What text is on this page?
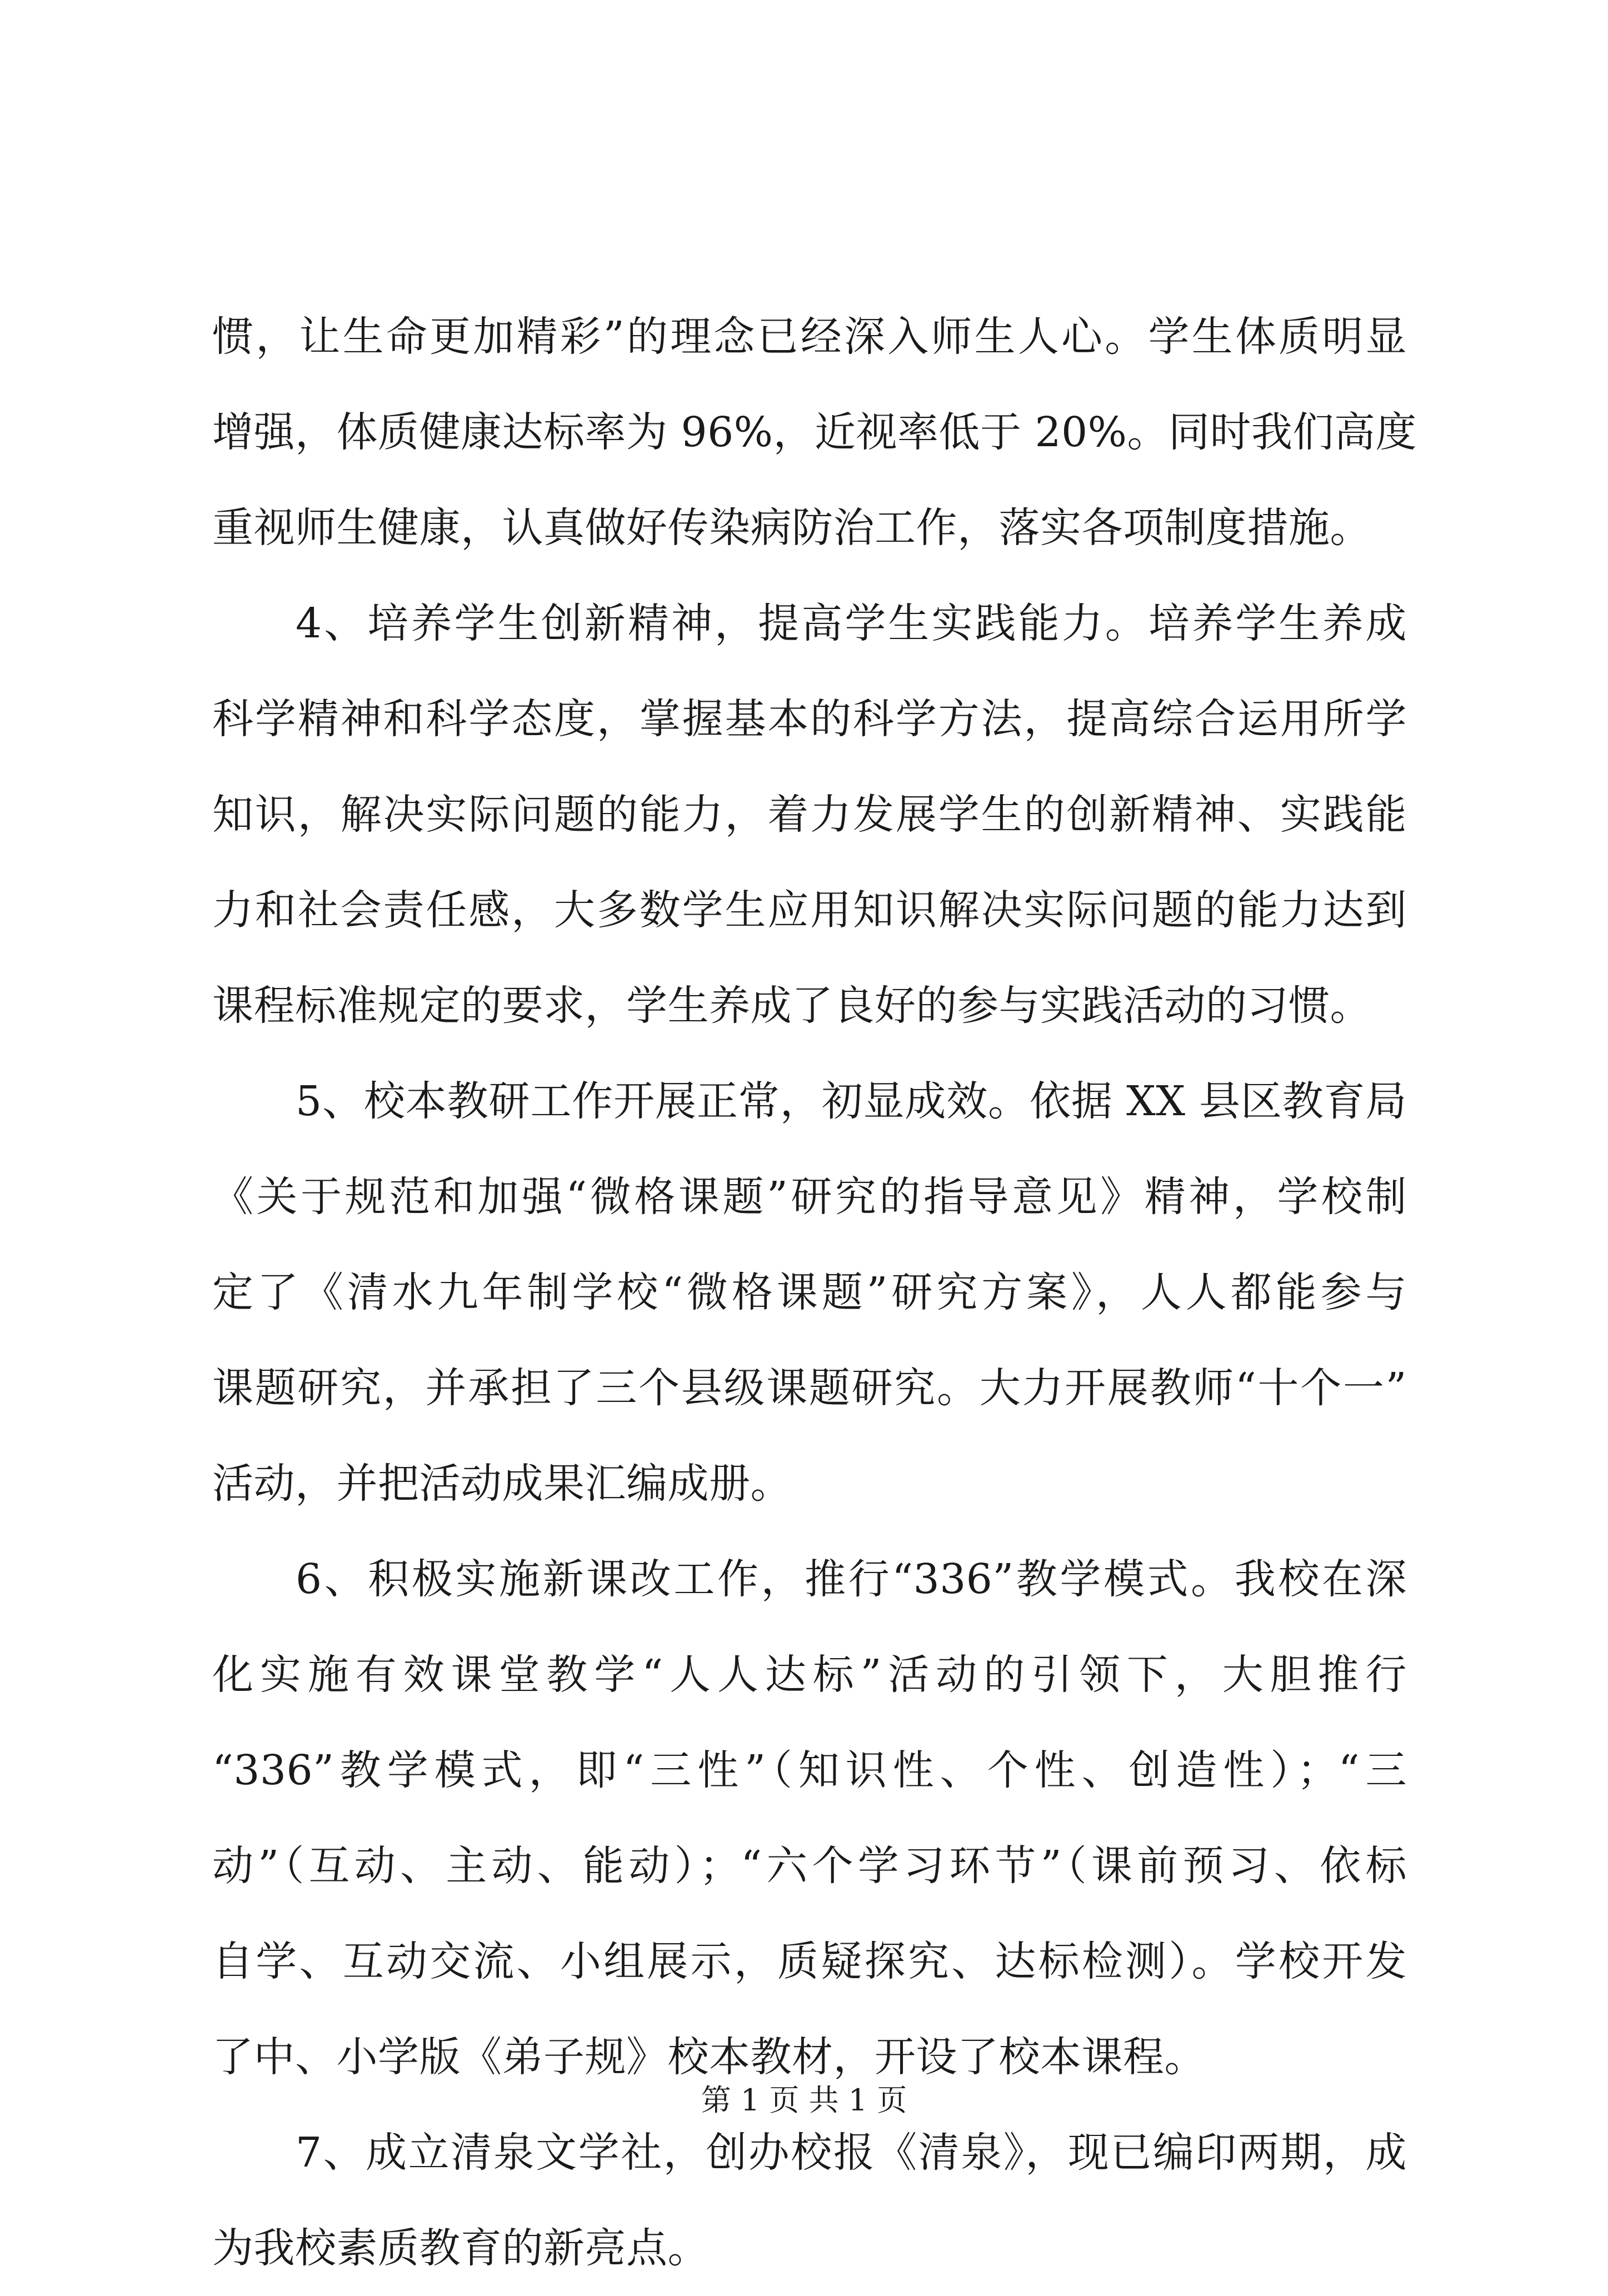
惯，让生命更加精彩”的理念已经深入师生人心。学生体质明显
增强，体质健康达标率为 96%，近视率低于 20%。同时我们高度
重视师生健康，认真做好传染病防治工作，落实各项制度措施。
4、培养学生创新精神，提高学生实践能力。培养学生养成
科学精神和科学态度，掌握基本的科学方法，提高综合运用所学
知识，解决实际问题的能力，着力发展学生的创新精神、实践能
力和社会责任感，大多数学生应用知识解决实际问题的能力达到
课程标准规定的要求，学生养成了良好的参与实践活动的习惯。
5、校本教研工作开展正常，初显成效。依据 XX 县区教育局
《关于规范和加强“微格课题”研究的指导意见》精神，学校制
定了《清水九年制学校“微格课题”研究方案》，人人都能参与
课题研究，并承担了三个县级课题研究。大力开展教师“十个一”
活动，并把活动成果汇编成册。
6、积极实施新课改工作，推行“336”教学模式。我校在深
化实施有效课堂教学“人人达标”活动的引领下，大胆推行
“336”教学模式，即“三性”（知识性、个性、创造性）；“三
动”（互动、主动、能动）；“六个学习环节”（课前预习、依标
自学、互动交流、小组展示，质疑探究、达标检测）。学校开发
了中、小学版《弟子规》校本教材，开设了校本课程。
7、成立清泉文学社，创办校报《清泉》，现已编印两期，成
为我校素质教育的新亮点。
第 1 页 共 1 页
